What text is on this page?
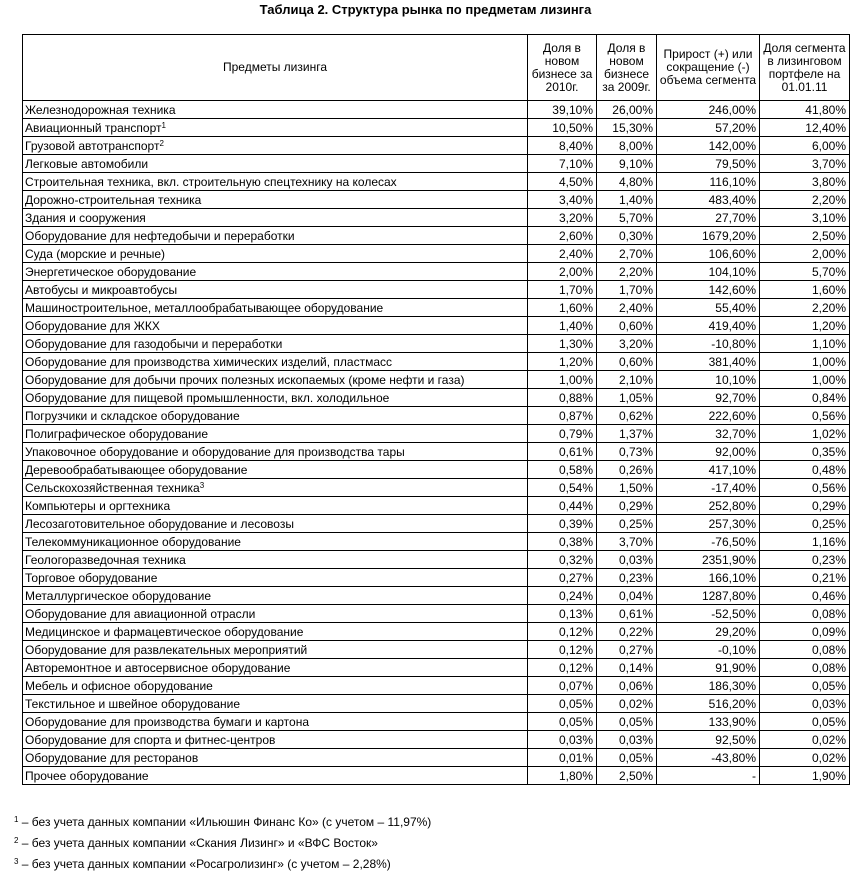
Таблица 2. Структура рынка по предметам лизинга
Предметы лизинга	Доля в новом бизнесе за 2010г.	Доля в новом бизнесе за 2009г.	Прирост (+) или сокращение (-) объема сегмента	Доля сегмента в лизинговом портфеле на 01.01.11
Железнодорожная техника	39,10%	26,00%	246,00%	41,80%
Авиационный транспорт$^1$	10,50%	15,30%	57,20%	12,40%
Грузовой автотранспорт$^2$	8,40%	8,00%	142,00%	6,00%
Легковые автомобили	7,10%	9,10%	79,50%	3,70%
Строительная техника, вкл. строительную спецтехнику на колесах	4,50%	4,80%	116,10%	3,80%
Дорожно-строительная техника	3,40%	1,40%	483,40%	2,20%
Здания и сооружения	3,20%	5,70%	27,70%	3,10%
Оборудование для нефтедобычи и переработки	2,60%	0,30%	1679,20%	2,50%
Суда (морские и речные)	2,40%	2,70%	106,60%	2,00%
Энергетическое оборудование	2,00%	2,20%	104,10%	5,70%
Автобусы и микроавтобусы	1,70%	1,70%	142,60%	1,60%
Машиностроительное, металлообрабатывающее оборудование	1,60%	2,40%	55,40%	2,20%
Оборудование для ЖКХ	1,40%	0,60%	419,40%	1,20%
Оборудование для газодобычи и переработки	1,30%	3,20%	-10,80%	1,10%
Оборудование для производства химических изделий, пластмасс	1,20%	0,60%	381,40%	1,00%
Оборудование для добычи прочих полезных ископаемых (кроме нефти и газа)	1,00%	2,10%	10,10%	1,00%
Оборудование для пищевой промышленности, вкл. холодильное	0,88%	1,05%	92,70%	0,84%
Погрузчики и складское оборудование	0,87%	0,62%	222,60%	0,56%
Полиграфическое оборудование	0,79%	1,37%	32,70%	1,02%
Упаковочное оборудование и оборудование для производства тары	0,61%	0,73%	92,00%	0,35%
Деревообрабатывающее оборудование	0,58%	0,26%	417,10%	0,48%
Сельскохозяйственная техника$^3$	0,54%	1,50%	-17,40%	0,56%
Компьютеры и оргтехника	0,44%	0,29%	252,80%	0,29%
Лесозаготовительное оборудование и лесовозы	0,39%	0,25%	257,30%	0,25%
Телекоммуникационное оборудование	0,38%	3,70%	-76,50%	1,16%
Геологоразведочная техника	0,32%	0,03%	2351,90%	0,23%
Торговое оборудование	0,27%	0,23%	166,10%	0,21%
Металлургическое оборудование	0,24%	0,04%	1287,80%	0,46%
Оборудование для авиационной отрасли	0,13%	0,61%	-52,50%	0,08%
Медицинское и фармацевтическое оборудование	0,12%	0,22%	29,20%	0,09%
Оборудование для развлекательных мероприятий	0,12%	0,27%	-0,10%	0,08%
Авторемонтное и автосервисное оборудование	0,12%	0,14%	91,90%	0,08%
Мебель и офисное оборудование	0,07%	0,06%	186,30%	0,05%
Текстильное и швейное оборудование	0,05%	0,02%	516,20%	0,03%
Оборудование для производства бумаги и картона	0,05%	0,05%	133,90%	0,05%
Оборудование для спорта и фитнес-центров	0,03%	0,03%	92,50%	0,02%
Оборудование для ресторанов	0,01%	0,05%	-43,80%	0,02%
Прочее оборудование	1,80%	2,50%	-	1,90%
$^1$ – без учета данных компании «Ильюшин Финанс Ко» (с учетом – 11,97%)
$^2$ – без учета данных компании «Скания Лизинг» и «ВФС Восток»
$^3$ – без учета данных компании «Росагролизинг» (с учетом – 2,28%)
